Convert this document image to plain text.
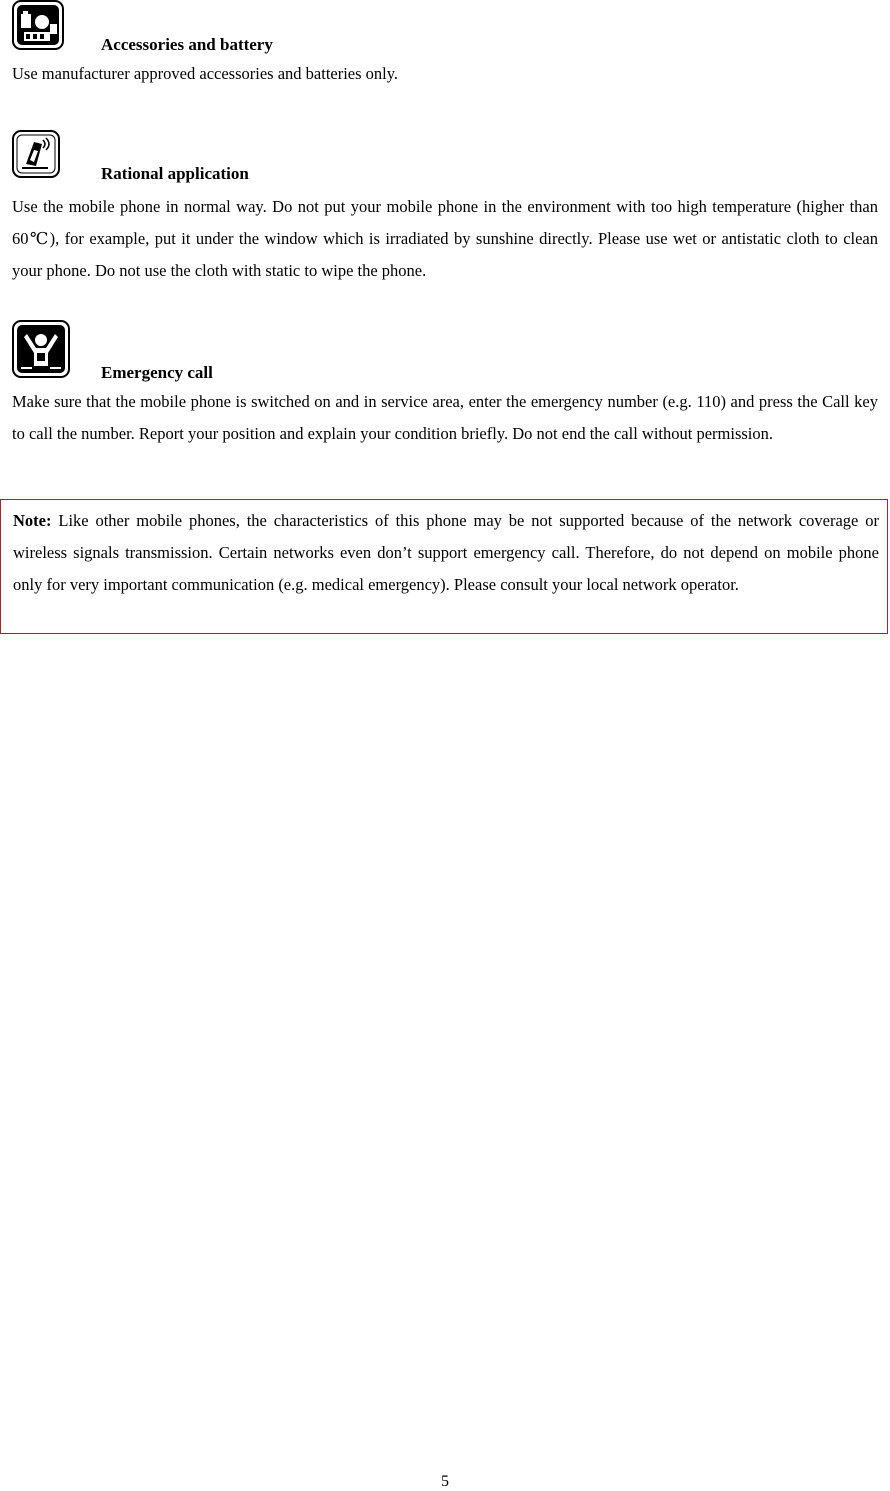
Accessories and battery

Use manufacturer approved accessories and batteries only.

Rational application

Use the mobile phone in normal way. Do not put your mobile phone in the environment with too high temperature (higher than 60℃), for example, put it under the window which is irradiated by sunshine directly. Please use wet or antistatic cloth to clean your phone. Do not use the cloth with static to wipe the phone.

Emergency call

Make sure that the mobile phone is switched on and in service area, enter the emergency number (e.g. 110) and press the Call key to call the number. Report your position and explain your condition briefly. Do not end the call without permission.

Note: Like other mobile phones, the characteristics of this phone may be not supported because of the network coverage or wireless signals transmission. Certain networks even don’t support emergency call. Therefore, do not depend on mobile phone only for very important communication (e.g. medical emergency). Please consult your local network operator.

5
